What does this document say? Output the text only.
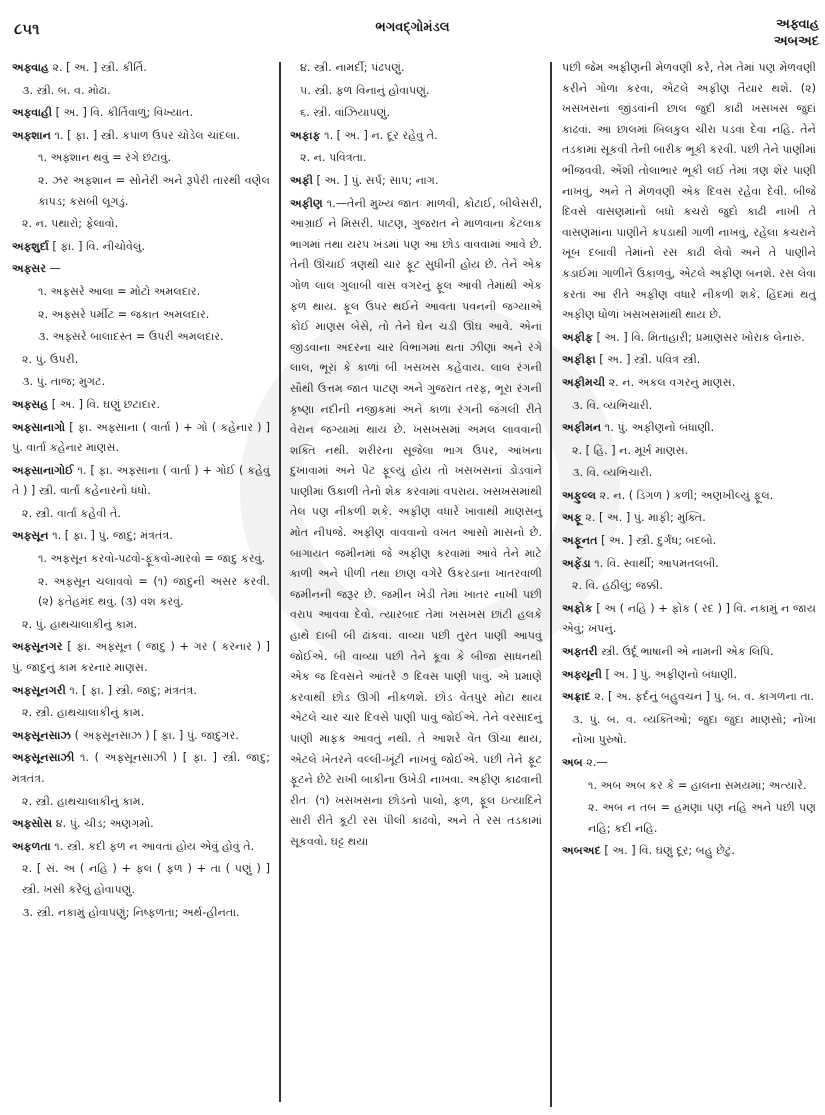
૮૫૧	ભગવદ્ગોમંડલ	અફ્વાહ
અબઅદ
અફ્વાહ ૨. [ અ. ] સ્ત્રી. કીર્તિ.
૩. સ્ત્રી. બ. વ. મોઢાં.
અફ્વાહી [ અ. ] વિ. કીર્તિવાળું; વિખ્યાત.
અફ્શાન ૧. [ ફા. ] સ્ત્રી. કપાળ ઉપર ચોડેલ ચાંદલા.
૧. અફ્શાન થવું = રંગે છંટાવું.
૨. ઝર અફ્શાન = સોનેરી અને રૂપેરી તારથી વણેલ કાપડ; કસબી લૂગડું.
૨. ન. પથારો; ફેલાવો.
અફ્શુર્દા [ ફા. ] વિ. નીચોવેલું.
અફ્સર —
૧. અફ્સરે આલા = મોટો અમલદાર.
૨. અફ્સરે પર્મીટ = જકાત અમલદાર.
૩. અફ્સરે બાલાદસ્ત = ઉપરી અમલદાર.
૨. પું. ઉપરી.
૩. પું. તાજ; મુગટ.
અફ્સહ [ અ. ] વિ. ઘણું છટાદાર.
અફ્સાનાગો [ ફા. અફ્સાના ( વાર્તા ) + ગો ( કહેનાર ) ] પું. વાર્તા કહેનાર માણસ.
અફ્સાનાગોઈ ૧. [ ફા. અફ્સાના ( વાર્તા ) + ગોઈ ( કહેવું તે ) ] સ્ત્રી. વાર્તા કહેનારનો ધંધો.
૨. સ્ત્રી. વાર્તા કહેવી તે.
અફ્સૂન ૧. [ ફા. ] પું. જાદુ; મંત્રતંત્ર.
૧. અફ્સૂન કરવો-પઢવો-ફૂંકવો-મારવો = જાદુ કરવું.
૨. અફ્સૂન ચલાવવો = (૧) જાદુની અસર કરવી. (૨) ફતેહમંદ થવું. (૩) વશ કરવું.
૨. પું. હાથચાલાકીનું કામ.
અફ્સૂનગર [ ફા. અફ્સૂન ( જાદુ ) + ગર ( કરનાર ) ] પું. જાદુનું કામ કરનાર માણસ.
અફ્સૂનગરી ૧. [ ફા. ] સ્ત્રી. જાદુ; મંત્રતંત્ર.
૨. સ્ત્રી. હાથચાલાકીનું કામ.
અફ્સૂનસાઝ ( અફ્સૂનસાઝ ) [ ફા. ] પું. જાદુગર.
અફ્સૂનસાઝી ૧. ( અફ્સૂનસાઝી ) [ ફા. ] સ્ત્રી. જાદુ; મંત્રતંત્ર.
૨. સ્ત્રી. હાથચાલાકીનું કામ.
અફ્સોસ ૪. પું. ચીડ; અણગમો.
અફળતા ૧. સ્ત્રી. કદી ફળ ન આવતાં હોય એવું હોવું તે.
૨. [ સં. અ ( નહિ ) + ફલ ( ફળ ) + તા ( પણું ) ] સ્ત્રી. ખસી કરેલું હોવાપણું.
૩. સ્ત્રી. નકામું હોવાપણું; નિષ્ફળતા; અર્થ-હીનતા.
૪. સ્ત્રી. નામર્દી; પંઢપણું.
૫. સ્ત્રી. ફળ વિનાનું હોવાપણું.
૬. સ્ત્રી. વાંઝિયાપણું.
અફાફ ૧. [ અ. ] ન. દૂર રહેવું તે.
૨. ન. પવિત્રતા.
અફી [ અ. ] પું. સર્પ; સાપ; નાગ.
અફીણ ૧.—તેની મુખ્ય જાતઃ માળવી, કોટાઈ, બીલેસરી, આગ્રાઈ ને મિસરી. પાટણ, ગુજરાત ને માળવાના કેટલાક ભાગમાં તથા યરપ ખંડમાં પણ આ છોડ વાવવામાં આવે છે. તેની ઊંચાઈ ત્રણથી ચાર ફૂટ સુધીની હોય છે. તેને એક ગોળ લાલ ગુલાબી વાસ વગરનું ફૂલ આવી તેમાંથી એક ફળ થાય. ફૂલ ઉપર થઈને આવતા પવનની જગ્યાએ કોઈ માણસ બેસે, તો તેને ઘેન ચડી ઊંઘ આવે. એનાં જીંડવાના અંદરના ચાર વિભાગમાં થતાં ઝીણાં અને રંગે લાલ, ભૂરાં કે કાળાં બી ખસખસ કહેવાય. લાલ રંગની સૌથી ઉત્તમ જાત પાટણ અને ગુજરાત તરફ, ભૂરા રંગની કૃષ્ણા નદીની નજીકમાં અને કાળા રંગની જંગલી રીતે વેરાન જગ્યામાં થાય છે. ખસખસમાં અમલ લાવવાની શક્તિ નથી. શરીરના સૂજેલા ભાગ ઉપર, આંખના દુખાવામાં અને પેટ ફૂલ્યું હોય તો ખસખસનાં ડોડવાંને પાણીમાં ઉકાળી તેનો શેક કરવામાં વપરાય. ખસખસમાંથી તેલ પણ નીકળી શકે. અફીણ વધારે ખાવાથી માણસનું મોત નીપજે. અફીણ વાવવાનો વખત આસો માસનો છે. બાગાયત જમીનમાં જે અફીણ કરવામાં આવે તેને માટે કાળી અને પીળી તથા છાણ વગેરે ઉકરડાના ખાતરવાળી જમીનની જરૂર છે. જમીન ખેડી તેમાં ખાતર નાખી પછી વરાપ આવવા દેવો. ત્યારબાદ તેમાં ખસખસ છાંટી હલકે હાથે દાબી બી ઢાંકવાં. વાવ્યા પછી તુરત પાણી આપવું જોઈએ. બી વાવ્યા પછી તેને કૂવા કે બીજા સાધનથી એક જ દિવસને આંતરે ૭ દિવસ પાણી પાવું. એ પ્રમાણે કરવાથી છોડ ઊગી નીકળશે. છોડ વેંતપુર મોટા થાય એટલે ચાર ચાર દિવસે પાણી પાવું જોઈએ. તેને વરસાદનું પાણી માફક આવતું નથી. તે આશરે વેંત ઊંચા થાય, એટલે ખેતરને વલ્લી-ખૂંટી નાખવું જોઈએ. પછી તેને ફૂટ ફૂટને છેટે રાખી બાકીના ઉખેડી નાખવા. અફીણ કાઢવાની રીતઃ (૧) ખસખસના છોડનો પાલો, ફળ, ફૂલ ઇત્યાદિને સારી રીતે કૂટી રસ પીલી કાઢવો, અને તે રસ તડકામાં સૂકવવો. ઘટ્ટ થયા
પછી જેમ અફીણની મેળવણી કરે, તેમ તેમાં પણ મેળવણી કરીને ગોળા કરવા, એટલે અફીણ તૈયાર થશે. (૨) ખસખસનાં જીંડવાંની છાલ જુદી કાઢી ખસખસ જુદાં કાઢવાં. આ છાલમાં બિલકુલ ચીરા પડવા દેવા નહિ. તેને તડકામાં સૂકવી તેની બારીક ભૂકી કરવી. પછી તેને પાણીમાં ભીંજવવી. એંશી તોલાભાર ભૂકી લઈ તેમાં ત્રણ શેર પાણી નાખવું, અને તે મેળવણી એક દિવસ રહેવા દેવી. બીજે દિવસે વાસણમાંનો બધો કચરો જુદો કાઢી નાખી તે વાસણમાંના પાણીને કપડાથી ગાળી નાખવું, રહેલા કચરાને ખૂબ દબાવી તેમાંનો રસ કાઢી લેવો અને તે પાણીને કડાઈમાં ગાળીને ઉકાળવું, એટલે અફીણ બનશે. રસ લેવા કરતાં આ રીતે અફીણ વધારે નીકળી શકે. હિંદમાં થતું અફીણ ધોળાં ખસખસમાંથી થાય છે.
અફીફ [ અ. ] વિ. મિતાહારી; પ્રમાણસર ખોરાક લેનારું.
અફીફા [ અ. ] સ્ત્રી. પવિત્ર સ્ત્રી.
અફીમચી ૨. ન. અકલ વગરનું માણસ.
૩. વિ. વ્યભિચારી.
અફીમન ૧. પું. અફીણનો બંધાણી.
૨. [ હિં. ] ન. મૂર્ખ માણસ.
૩. વિ. વ્યભિચારી.
અફુલ્લ ૨. ન. ( ડિંગળ ) કળી; અણખીલ્યું ફૂલ.
અફૂ ૨. [ અ. ] પું. માફી; મુક્તિ.
અફૂનત [ અ. ] સ્ત્રી. દુર્ગંધ; બદબો.
અફેંડા ૧. વિ. સ્વાર્થી; આપમતલબી.
૨. વિ. હઠીલું; જક્કી.
અફોક [ અ ( નહિ ) + ફોક ( રદ ) ] વિ. નકામું ન જાય એવું; ખપનું.
અફ્તરી સ્ત્રી. ઉર્દૂ ભાષાની એ નામની એક લિપિ.
અફ્યૂની [ અ. ] પું. અફીણનો બંધાણી.
અફ્રાદ ૨. [ અ. ફર્દનું બહુવચન ] પું. બ. વ. કાગળના તા.
૩. પું. બ. વ. વ્યક્તિઓ; જુદા જુદા માણસો; નોખા નોખા પુરુષો.
અબ ૨.—
૧. અબ અબ કર કે = હાલના સમયમાં; અત્યારે.
૨. અબ ન તબ = હમણાં પણ નહિ અને પછી પણ નહિ; કદી નહિ.
અબઅદ [ અ. ] વિ. ઘણું દૂર; બહુ છેટું.
